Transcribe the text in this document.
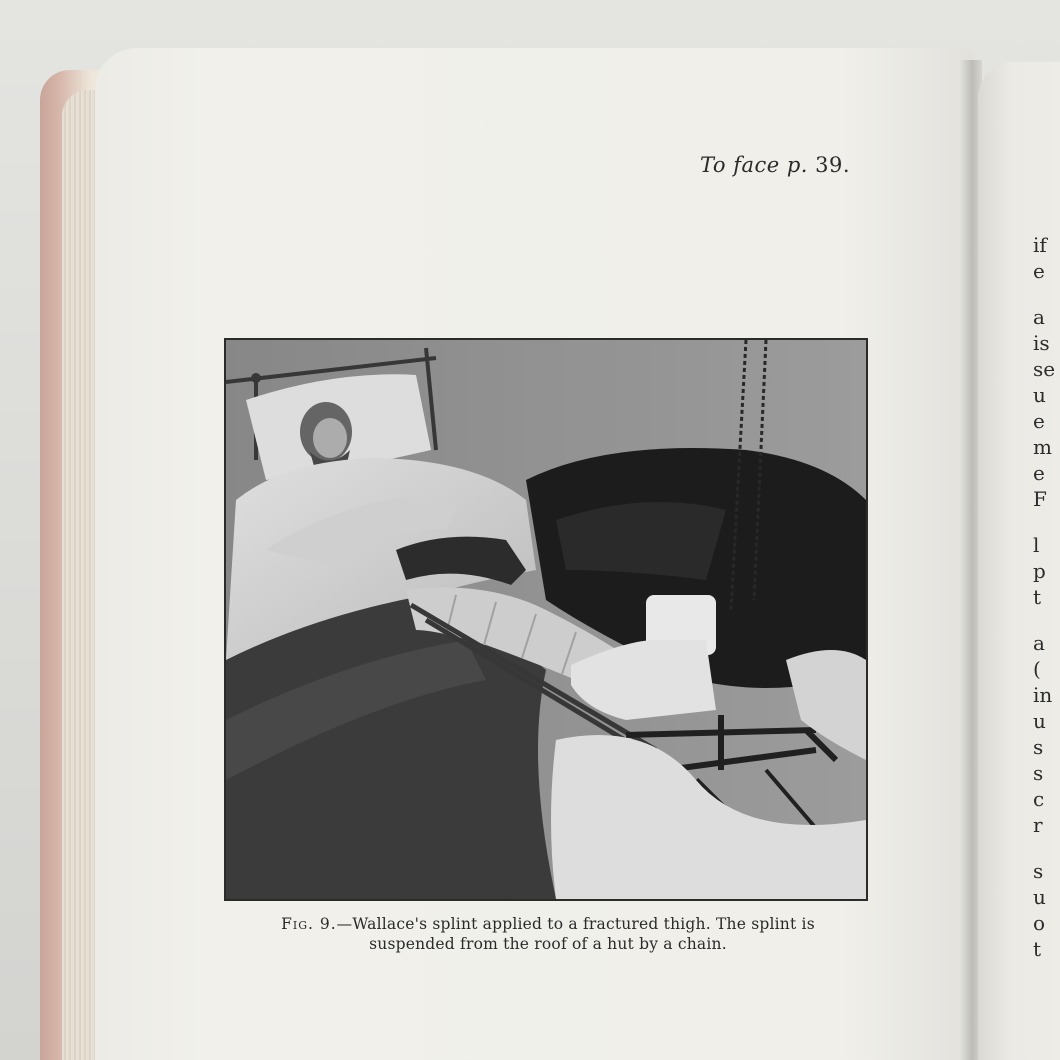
To face p. 39.
Fig. 9.—Wallace's splint applied to a fractured thigh. The splint is
suspended from the roof of a hut by a chain.
if
e
a
is
se
u
e
m
e
F
l
p
t
a
(
in
u
s
s
c
r
s
u
o
t
